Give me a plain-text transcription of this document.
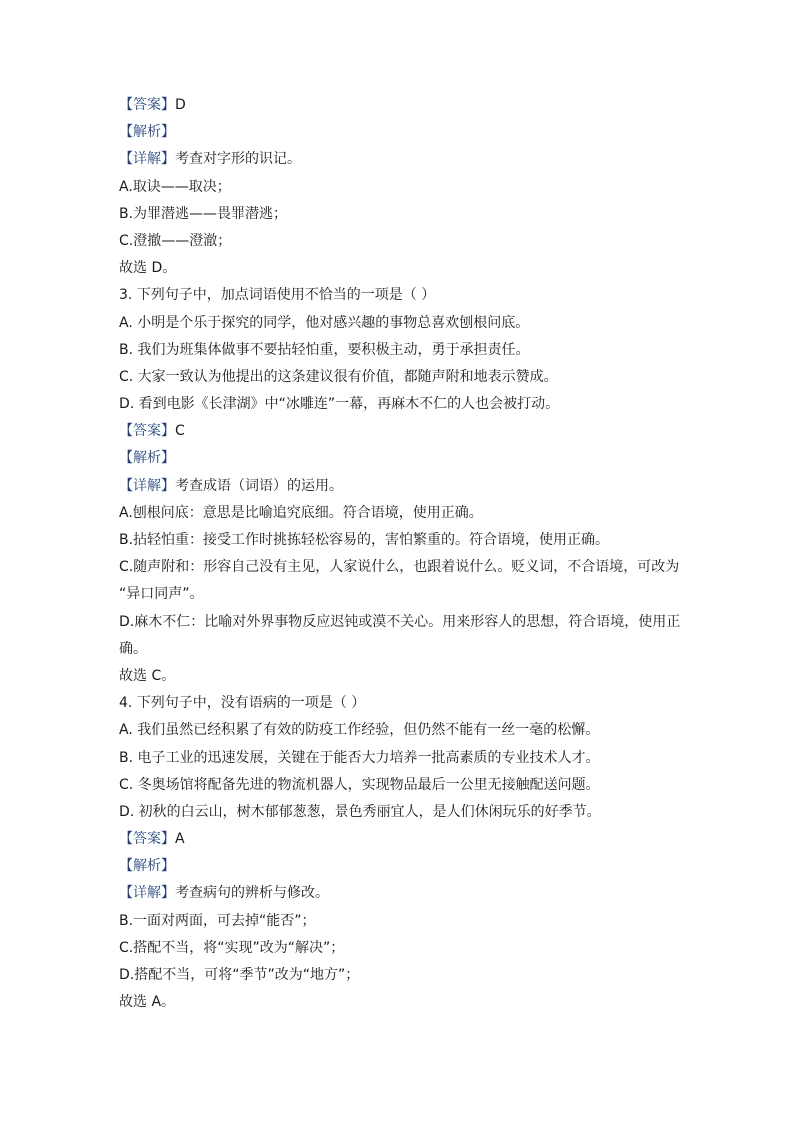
【答案】D
【解析】
【详解】考查对字形的识记。
A.取诀——取决；
B.为罪潜逃——畏罪潜逃；
C.澄撤——澄澈；
故选 D。
3. 下列句子中，加点词语使用不恰当的一项是（ ）
A. 小明是个乐于探究的同学，他对感兴趣的事物总喜欢刨根问底。
B. 我们为班集体做事不要拈轻怕重，要积极主动，勇于承担责任。
C. 大家一致认为他提出的这条建议很有价值，都随声附和地表示赞成。
D. 看到电影《长津湖》中“冰雕连”一幕，再麻木不仁的人也会被打动。
【答案】C
【解析】
【详解】考查成语（词语）的运用。
A.刨根问底：意思是比喻追究底细。符合语境，使用正确。
B.拈轻怕重：接受工作时挑拣轻松容易的，害怕繁重的。符合语境，使用正确。
C.随声附和：形容自己没有主见，人家说什么，也跟着说什么。贬义词，不合语境，可改为
“异口同声”。
D.麻木不仁：比喻对外界事物反应迟钝或漠不关心。用来形容人的思想，符合语境，使用正
确。
故选 C。
4. 下列句子中，没有语病的一项是（ ）
A. 我们虽然已经积累了有效的防疫工作经验，但仍然不能有一丝一毫的松懈。
B. 电子工业的迅速发展，关键在于能否大力培养一批高素质的专业技术人才。
C. 冬奥场馆将配备先进的物流机器人，实现物品最后一公里无接触配送问题。
D. 初秋的白云山，树木郁郁葱葱，景色秀丽宜人，是人们休闲玩乐的好季节。
【答案】A
【解析】
【详解】考查病句的辨析与修改。
B.一面对两面，可去掉“能否”；
C.搭配不当，将“实现”改为“解决”；
D.搭配不当，可将“季节”改为“地方”；
故选 A。
